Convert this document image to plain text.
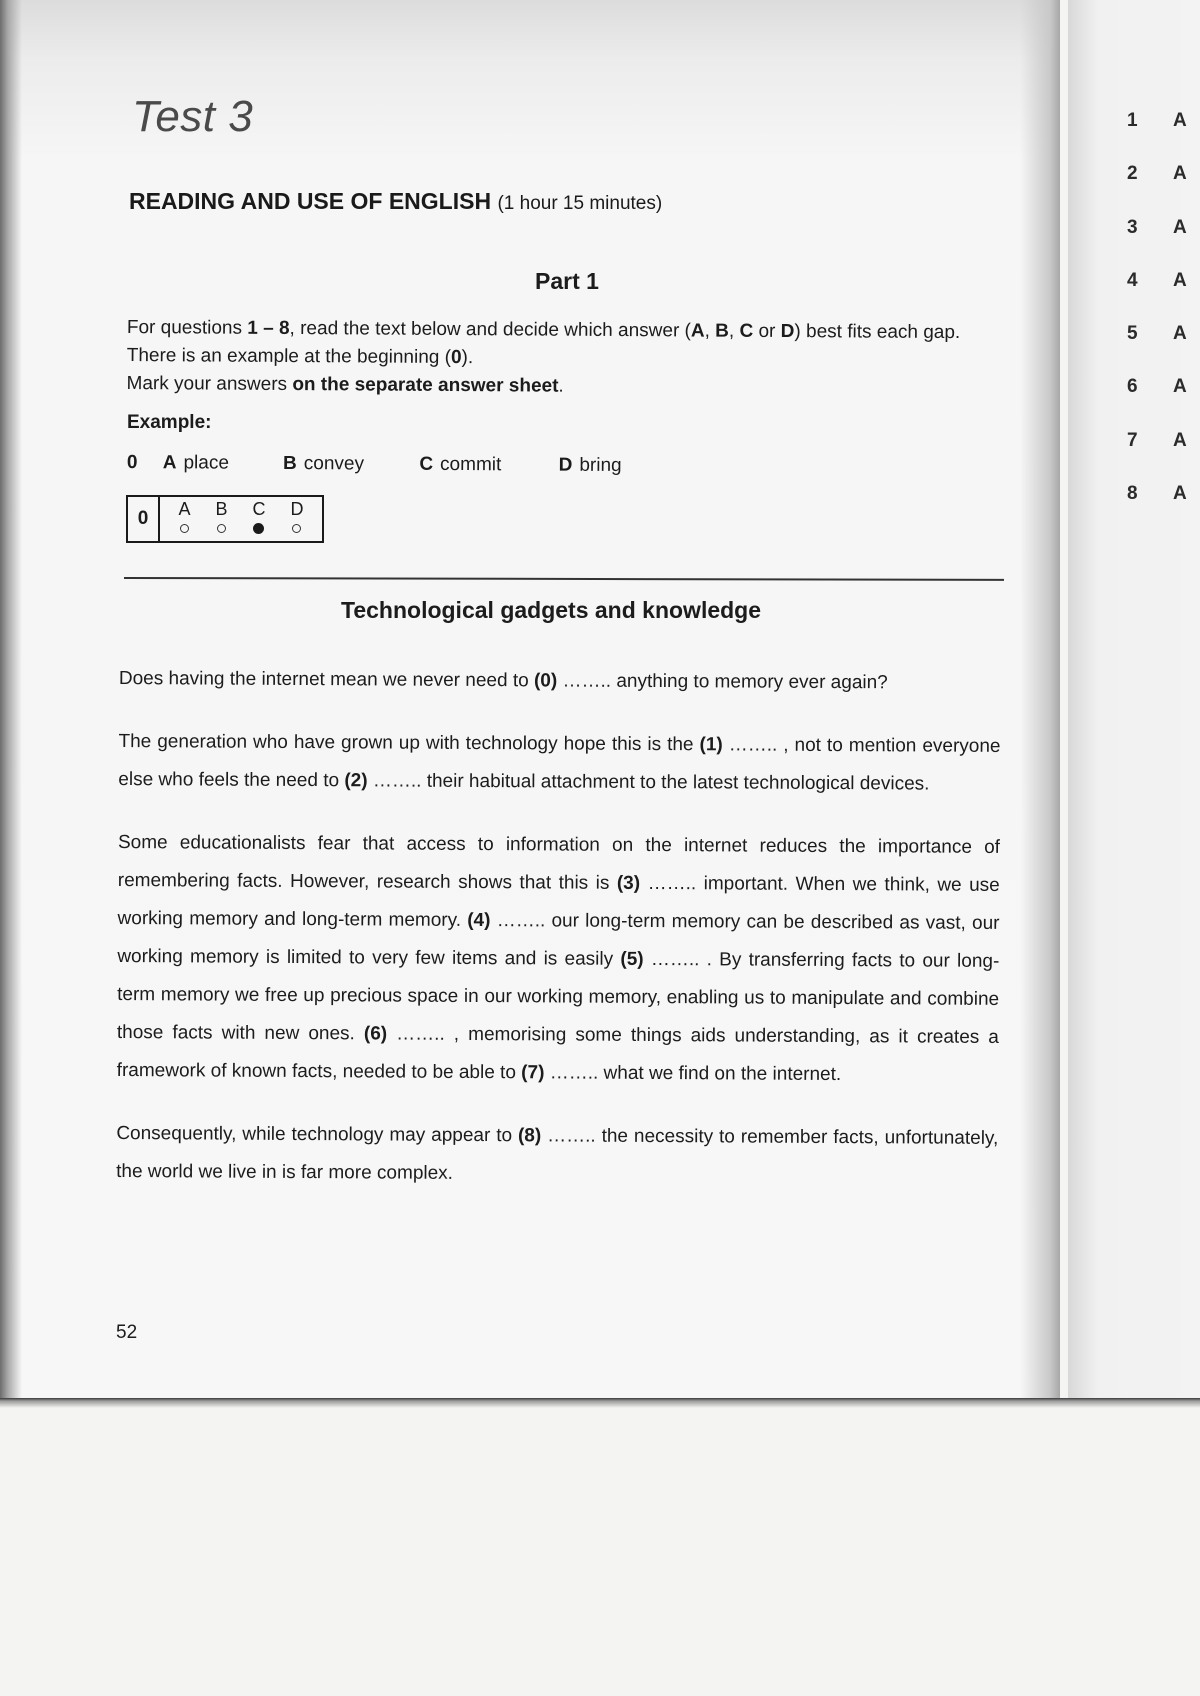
Test 3
READING AND USE OF ENGLISH (1 hour 15 minutes)
Part 1

For questions 1 – 8, read the text below and decide which answer (A, B, C or D) best fits each gap.

There is an example at the beginning (0).

Mark your answers on the separate answer sheet.

Example:
0 A place	B convey	C commit	D bring
0	A B C D
Technological gadgets and knowledge

Does having the internet mean we never need to (0) …….. anything to memory ever again?

The generation who have grown up with technology hope this is the (1) …….. , not to mention everyone else who feels the need to (2) …….. their habitual attachment to the latest technological devices.

Some educationalists fear that access to information on the internet reduces the importance of remembering facts. However, research shows that this is (3) …….. important. When we think, we use working memory and long-term memory. (4) …….. our long-term memory can be described as vast, our working memory is limited to very few items and is easily (5) …….. . By transferring facts to our long-term memory we free up precious space in our working memory, enabling us to manipulate and combine those facts with new ones. (6) …….. , memorising some things aids understanding, as it creates a framework of known facts, needed to be able to (7) …….. what we find on the internet.

Consequently, while technology may appear to (8) …….. the necessity to remember facts, unfortunately, the world we live in is far more complex.

52
1	A
2	A
3	A
4	A
5	A
6	A
7	A
8	A
